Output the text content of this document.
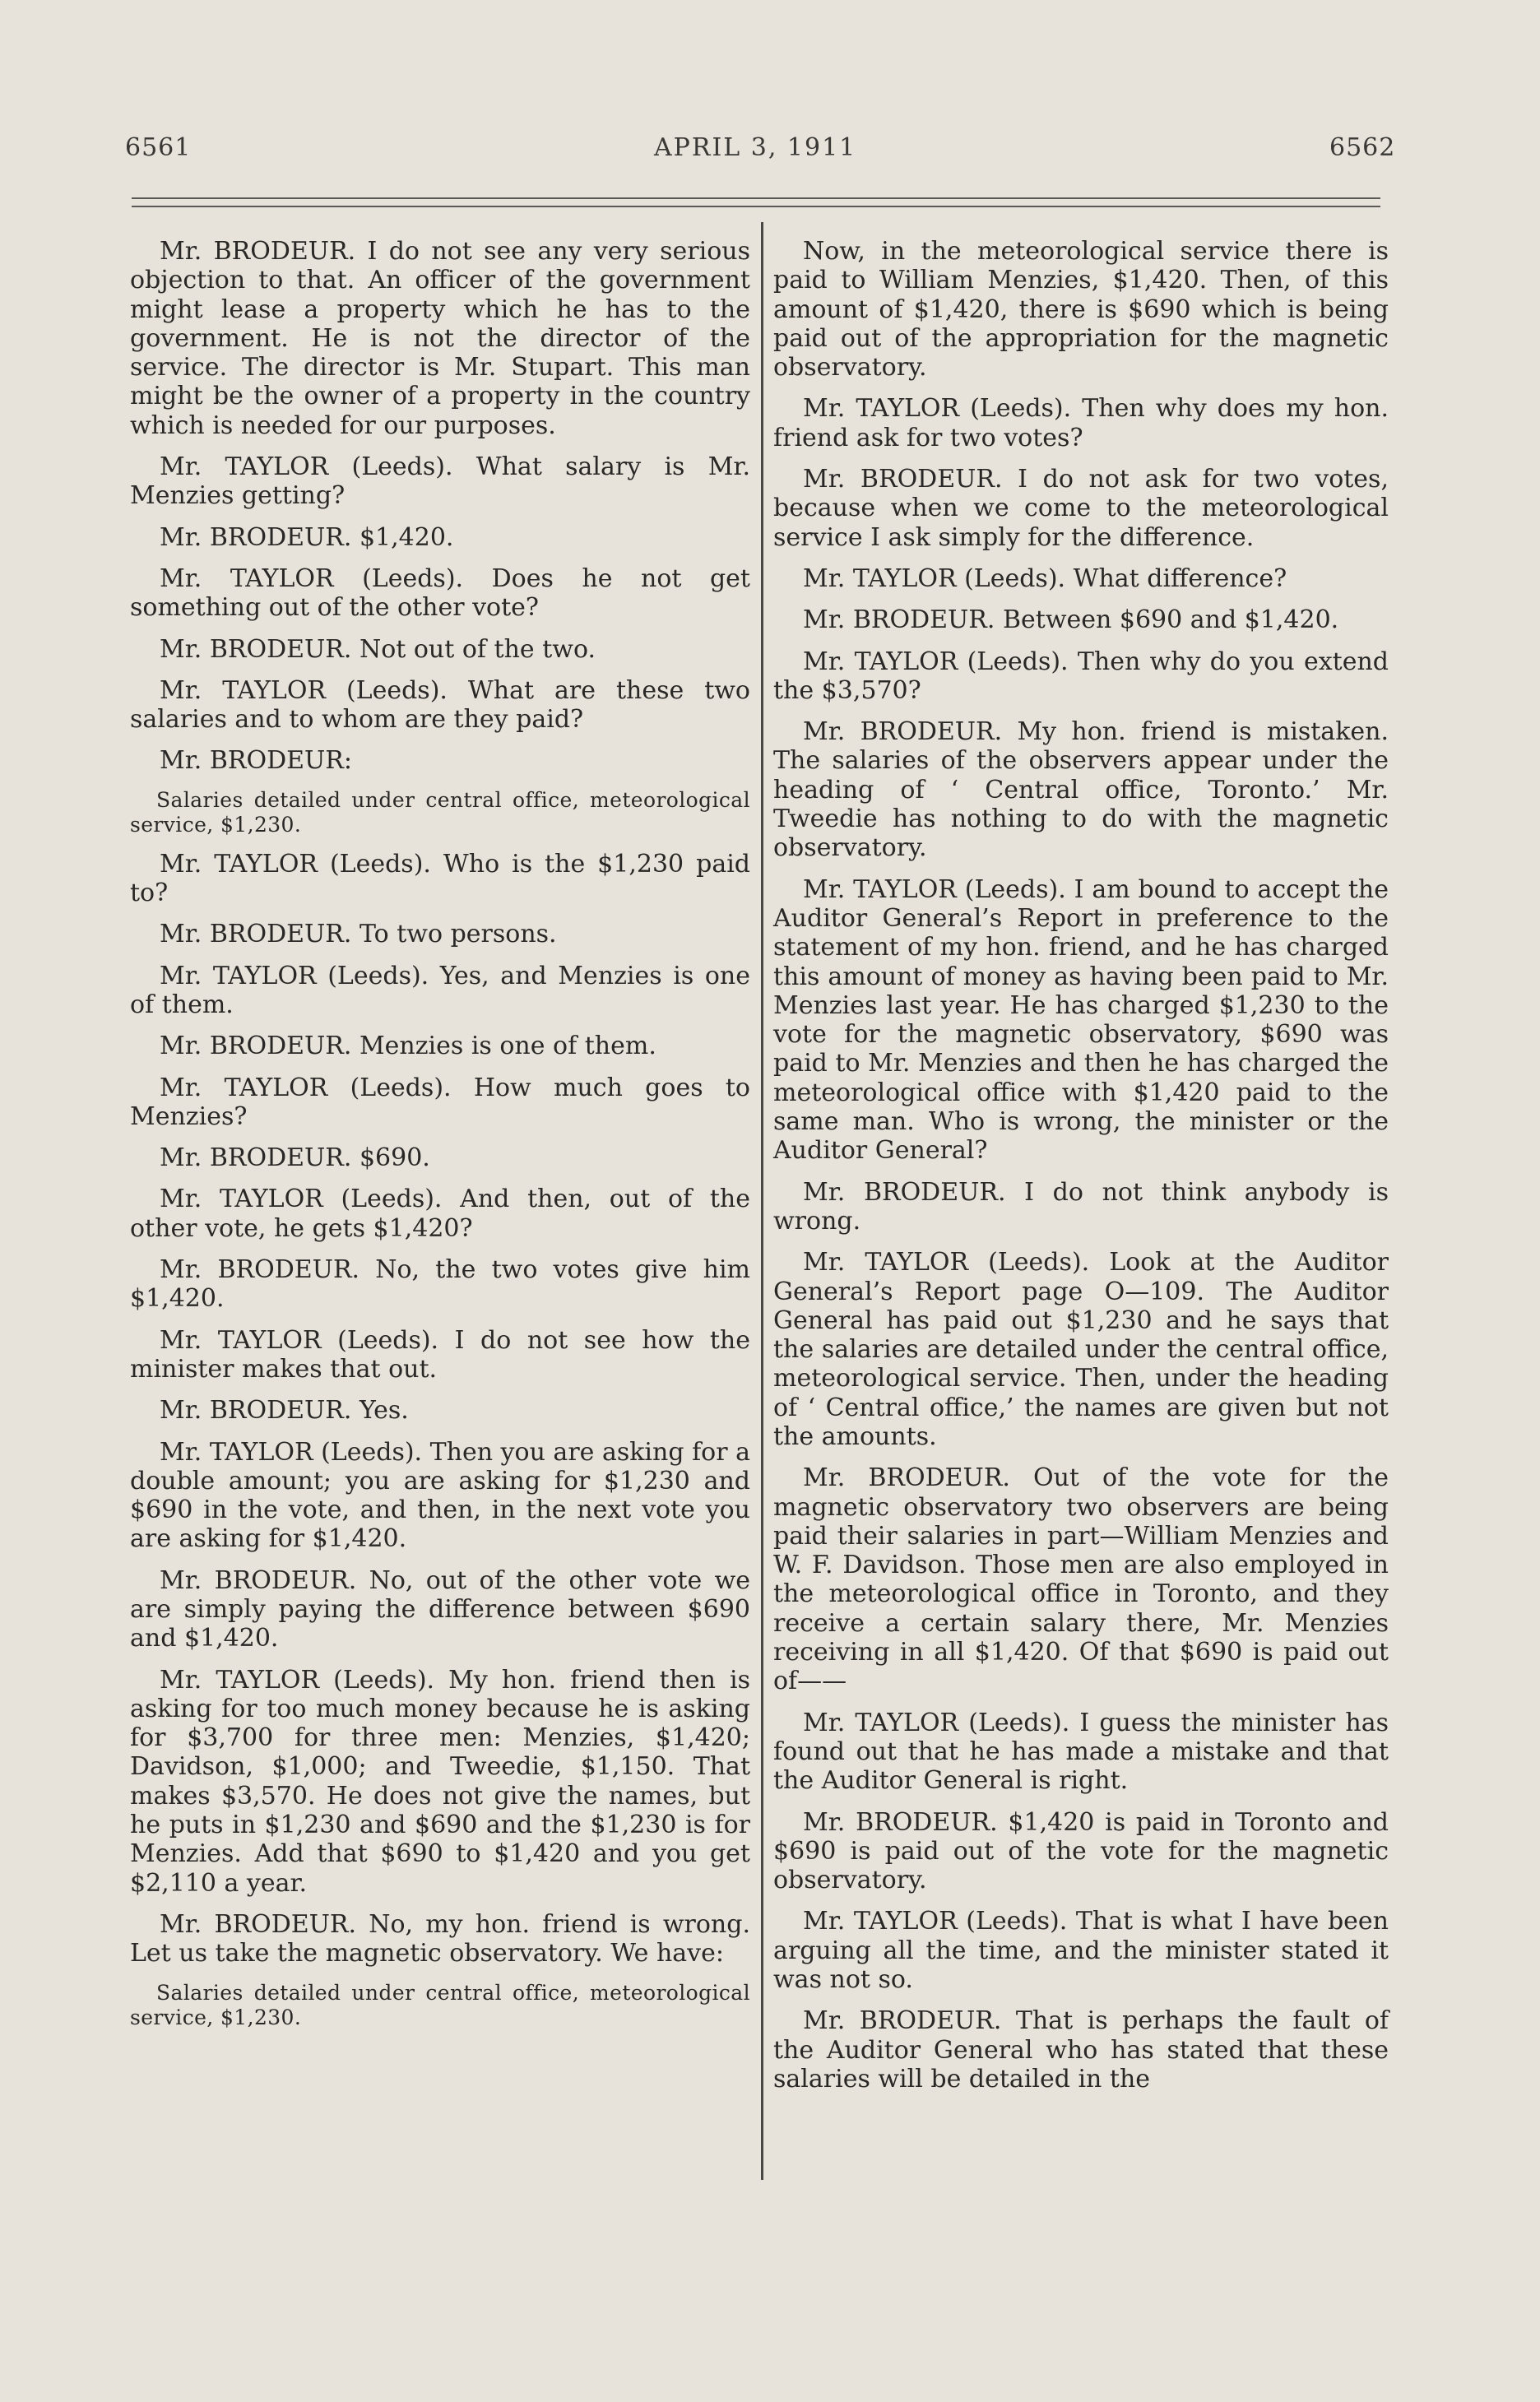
6561	APRIL 3, 1911	6562

Mr. BRODEUR. I do not see any very serious objection to that. An officer of the government might lease a property which he has to the government. He is not the director of the service. The director is Mr. Stupart. This man might be the owner of a property in the country which is needed for our purposes.

Mr. TAYLOR (Leeds). What salary is Mr. Menzies getting?

Mr. BRODEUR. $1,420.

Mr. TAYLOR (Leeds). Does he not get something out of the other vote?

Mr. BRODEUR. Not out of the two.

Mr. TAYLOR (Leeds). What are these two salaries and to whom are they paid?

Mr. BRODEUR:

Salaries detailed under central office, meteorological service, $1,230.

Mr. TAYLOR (Leeds). Who is the $1,230 paid to?

Mr. BRODEUR. To two persons.

Mr. TAYLOR (Leeds). Yes, and Menzies is one of them.

Mr. BRODEUR. Menzies is one of them.

Mr. TAYLOR (Leeds). How much goes to Menzies?

Mr. BRODEUR. $690.

Mr. TAYLOR (Leeds). And then, out of the other vote, he gets $1,420?

Mr. BRODEUR. No, the two votes give him $1,420.

Mr. TAYLOR (Leeds). I do not see how the minister makes that out.

Mr. BRODEUR. Yes.

Mr. TAYLOR (Leeds). Then you are asking for a double amount; you are asking for $1,230 and $690 in the vote, and then, in the next vote you are asking for $1,420.

Mr. BRODEUR. No, out of the other vote we are simply paying the difference between $690 and $1,420.

Mr. TAYLOR (Leeds). My hon. friend then is asking for too much money because he is asking for $3,700 for three men: Menzies, $1,420; Davidson, $1,000; and Tweedie, $1,150. That makes $3,570. He does not give the names, but he puts in $1,230 and $690 and the $1,230 is for Menzies. Add that $690 to $1,420 and you get $2,110 a year.

Mr. BRODEUR. No, my hon. friend is wrong. Let us take the magnetic observatory. We have:

Salaries detailed under central office, meteorological service, $1,230.

Now, in the meteorological service there is paid to William Menzies, $1,420. Then, of this amount of $1,420, there is $690 which is being paid out of the appropriation for the magnetic observatory.

Mr. TAYLOR (Leeds). Then why does my hon. friend ask for two votes?

Mr. BRODEUR. I do not ask for two votes, because when we come to the meteorological service I ask simply for the difference.

Mr. TAYLOR (Leeds). What difference?

Mr. BRODEUR. Between $690 and $1,420.

Mr. TAYLOR (Leeds). Then why do you extend the $3,570?

Mr. BRODEUR. My hon. friend is mistaken. The salaries of the observers appear under the heading of ‘ Central office, Toronto.’ Mr. Tweedie has nothing to do with the magnetic observatory.

Mr. TAYLOR (Leeds). I am bound to accept the Auditor General’s Report in preference to the statement of my hon. friend, and he has charged this amount of money as having been paid to Mr. Menzies last year. He has charged $1,230 to the vote for the magnetic observatory, $690 was paid to Mr. Menzies and then he has charged the meteorological office with $1,420 paid to the same man. Who is wrong, the minister or the Auditor General?

Mr. BRODEUR. I do not think anybody is wrong.

Mr. TAYLOR (Leeds). Look at the Auditor General’s Report page O—109. The Auditor General has paid out $1,230 and he says that the salaries are detailed under the central office, meteorological service. Then, under the heading of ‘ Central office,’ the names are given but not the amounts.

Mr. BRODEUR. Out of the vote for the magnetic observatory two observers are being paid their salaries in part—William Menzies and W. F. Davidson. Those men are also employed in the meteorological office in Toronto, and they receive a certain salary there, Mr. Menzies receiving in all $1,420. Of that $690 is paid out of——

Mr. TAYLOR (Leeds). I guess the minister has found out that he has made a mistake and that the Auditor General is right.

Mr. BRODEUR. $1,420 is paid in Toronto and $690 is paid out of the vote for the magnetic observatory.

Mr. TAYLOR (Leeds). That is what I have been arguing all the time, and the minister stated it was not so.

Mr. BRODEUR. That is perhaps the fault of the Auditor General who has stated that these salaries will be detailed in the
